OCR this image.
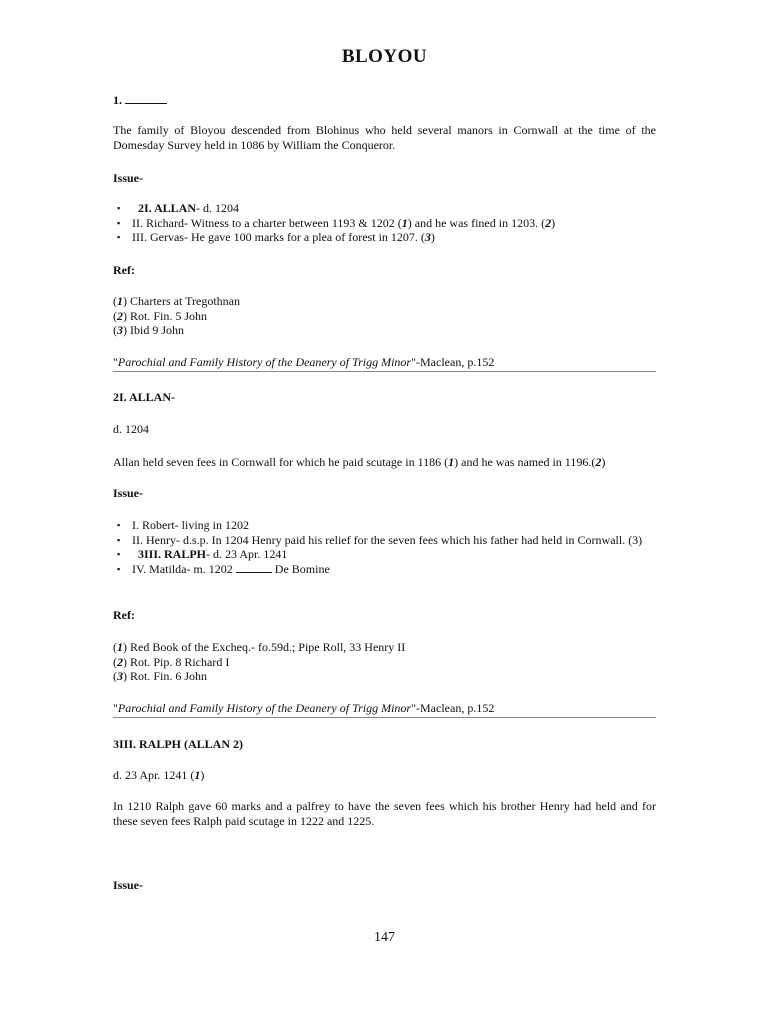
BLOYOU
1.

The family of Bloyou descended from Blohinus who held several manors in Cornwall at the time of the Domesday Survey held in 1086 by William the Conqueror.

Issue-

▪ 2I. ALLAN- d. 1204
▪ II. Richard- Witness to a charter between 1193 & 1202 (1) and he was fined in 1203. (2)
▪ III. Gervas- He gave 100 marks for a plea of forest in 1207. (3)

Ref:

(1) Charters at Tregothnan

(2) Rot. Fin. 5 John

(3) Ibid 9 John

"Parochial and Family History of the Deanery of Trigg Minor"-Maclean, p.152

2I. ALLAN-

d. 1204

Allan held seven fees in Cornwall for which he paid scutage in 1186 (1) and he was named in 1196.(2)

Issue-

▪ I. Robert- living in 1202
▪ II. Henry- d.s.p. In 1204 Henry paid his relief for the seven fees which his father had held in Cornwall. (3)
▪ 3III. RALPH- d. 23 Apr. 1241
▪ IV. Matilda- m. 1202	De Bomine

Ref:

(1) Red Book of the Excheq.- fo.59d.; Pipe Roll, 33 Henry II

(2) Rot. Pip. 8 Richard I

(3) Rot. Fin. 6 John

"Parochial and Family History of the Deanery of Trigg Minor"-Maclean, p.152

3III. RALPH (ALLAN 2)

d. 23 Apr. 1241 (1)

In 1210 Ralph gave 60 marks and a palfrey to have the seven fees which his brother Henry had held and for these seven fees Ralph paid scutage in 1222 and 1225.

Issue-

147
